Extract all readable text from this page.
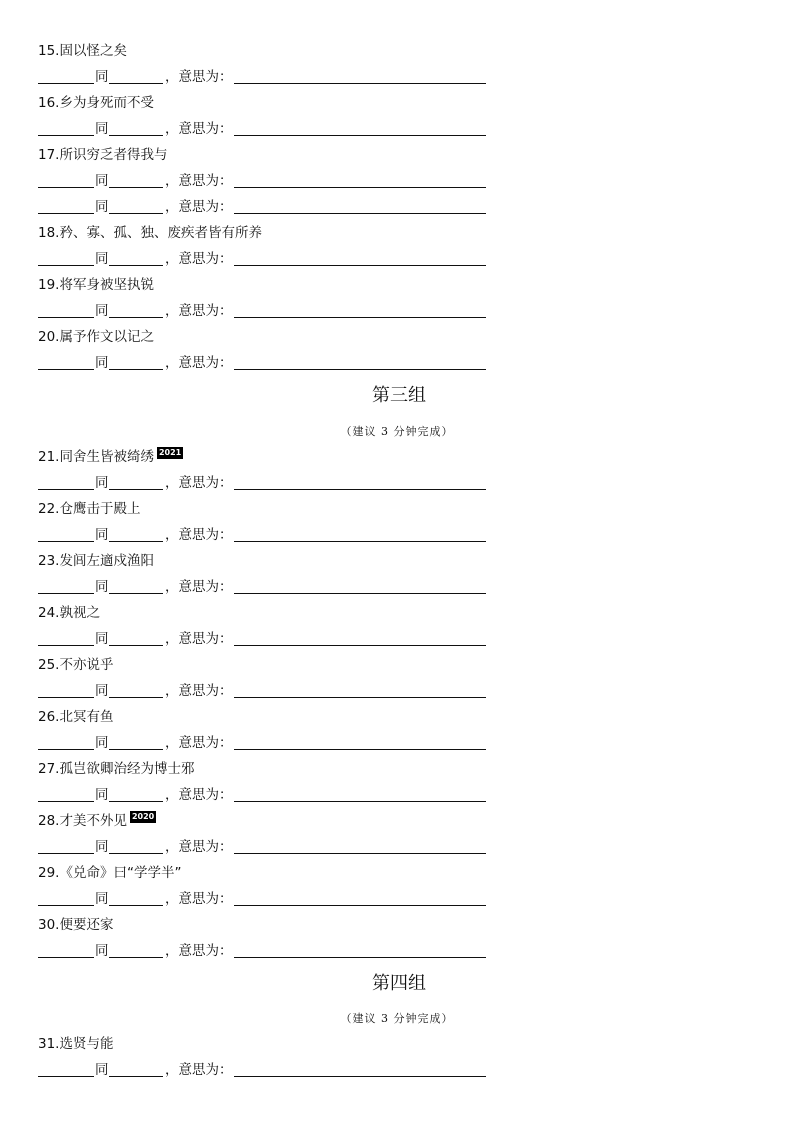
15.固以怪之矣
同	，意思为：
16.乡为身死而不受
同	，意思为：
17.所识穷乏者得我与
同	，意思为：
同	，意思为：
18.矜、寡、孤、独、废疾者皆有所养
同	，意思为：
19.将军身被坚执锐
同	，意思为：
20.属予作文以记之
同	，意思为：
21.同舍生皆被绮绣 2021
同	，意思为：
22.仓鹰击于殿上
同	，意思为：
23.发闾左適戍渔阳
同	，意思为：
24.孰视之
同	，意思为：
25.不亦说乎
同	，意思为：
26.北冥有鱼
同	，意思为：
27.孤岂欲卿治经为博士邪
同	，意思为：
28.才美不外见 2020
同	，意思为：
29.《兑命》曰“学学半”
同	，意思为：
30.便要还家
同	，意思为：
31.选贤与能
同	，意思为：
第三组
（建议 3 分钟完成）
第四组
（建议 3 分钟完成）
